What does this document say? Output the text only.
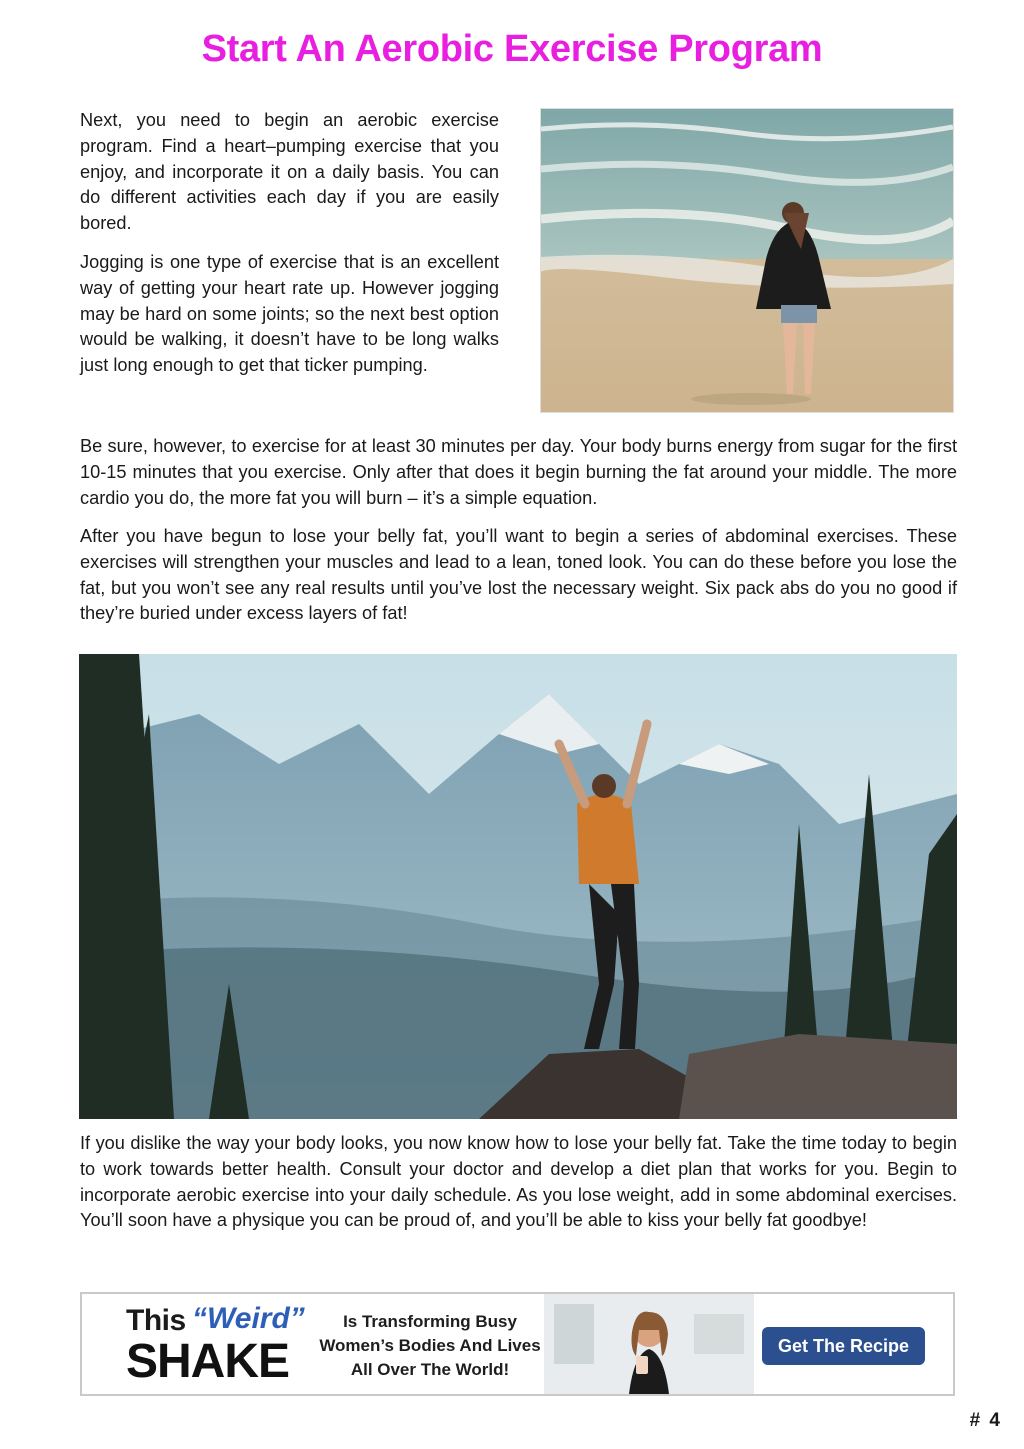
Start An Aerobic Exercise Program

Next, you need to begin an aerobic exercise program. Find a heart–pumping exercise that you enjoy, and incorporate it on a daily basis. You can do different activities each day if you are easily bored.

Jogging is one type of exercise that is an excellent way of getting your heart rate up. However jogging may be hard on some joints; so the next best option would be walking, it doesn’t have to be long walks just long enough to get that ticker pumping.

Be sure, however, to exercise for at least 30 minutes per day. Your body burns energy from sugar for the first 10-15 minutes that you exercise. Only after that does it begin burning the fat around your middle. The more cardio you do, the more fat you will burn – it’s a simple equation.

After you have begun to lose your belly fat, you’ll want to begin a series of abdominal exercises. These exercises will strengthen your muscles and lead to a lean, toned look. You can do these before you lose the fat, but you won’t see any real results until you’ve lost the necessary weight. Six pack abs do you no good if they’re buried under excess layers of fat!

If you dislike the way your body looks, you now know how to lose your belly fat. Take the time today to begin to work towards better health. Consult your doctor and develop a diet plan that works for you. Begin to incorporate aerobic exercise into your daily schedule. As you lose weight, add in some abdominal exercises. You’ll soon have a physique you can be proud of, and you’ll be able to kiss your belly fat goodbye!

This “Weird”
SHAKE
Is Transforming Busy
Women’s Bodies And Lives
All Over The World!
Get The Recipe
# 4
